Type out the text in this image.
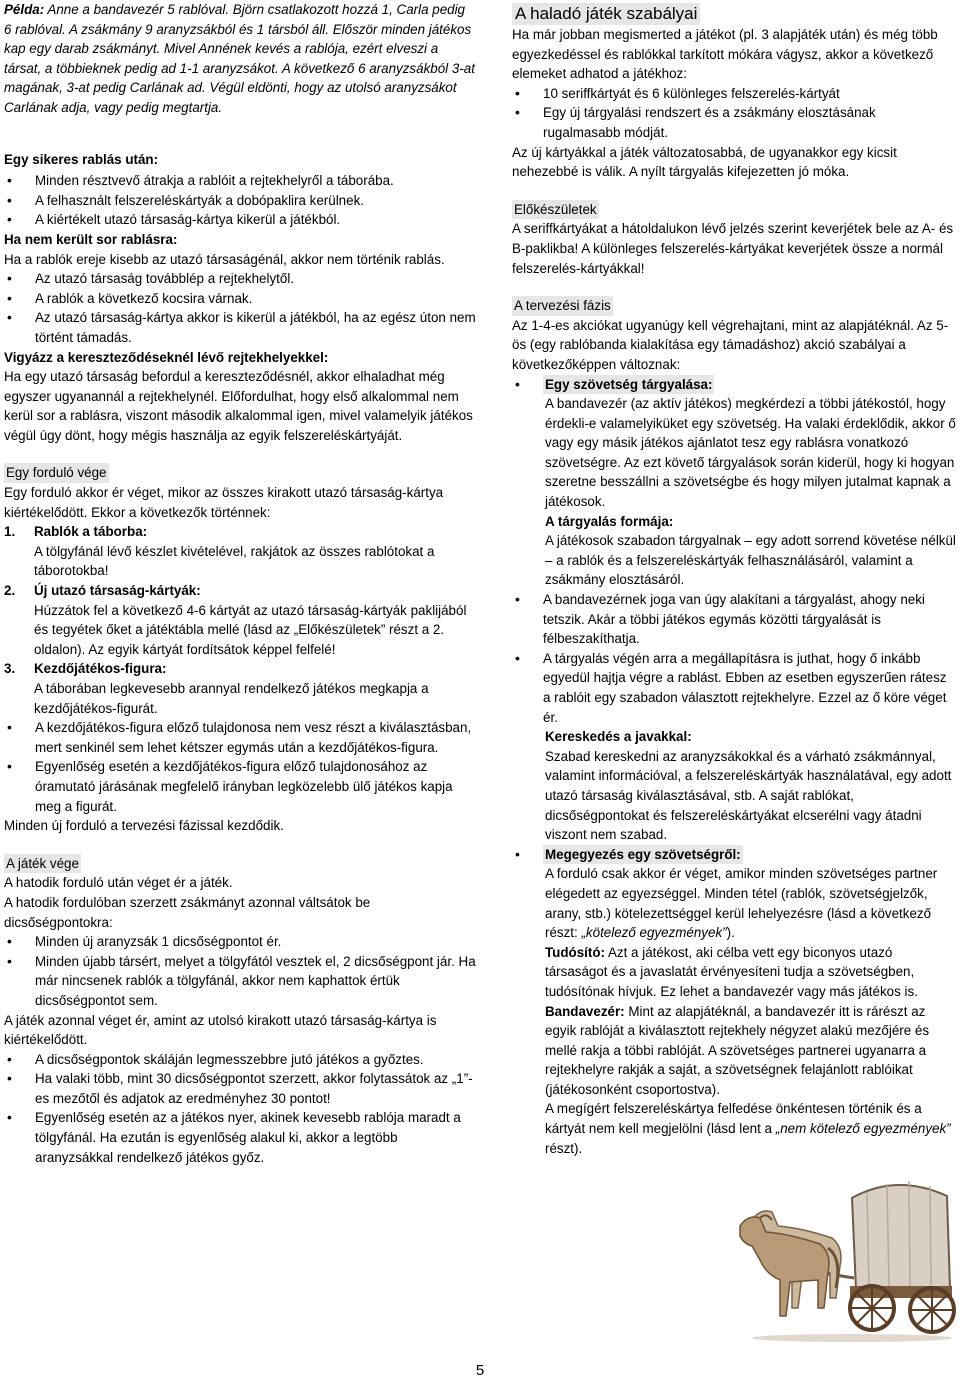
Példa: Anne a bandavezér 5 rablóval. Björn csatlakozott hozzá 1, Carla pedig 6 rablóval. A zsákmány 9 aranyzsákból és 1 társból áll. Először minden játékos kap egy darab zsákmányt. Mivel Annének kevés a rablója, ezért elveszi a társat, a többieknek pedig ad 1-1 aranyzsákot. A következő 6 aranyzsákból 3-at magának, 3-at pedig Carlának ad. Végül eldönti, hogy az utolsó aranyzsákot Carlának adja, vagy pedig megtartja.

Egy sikeres rablás után:

• Minden résztvevő átrakja a rablóit a rejtekhelyről a táborába.
• A felhasznált felszereléskártyák a dobópaklira kerülnek.
• A kiértékelt utazó társaság-kártya kikerül a játékból.

Ha nem került sor rablásra:

Ha a rablók ereje kisebb az utazó társaságénál, akkor nem történik rablás.

• Az utazó társaság továbblép a rejtekhelytől.
• A rablók a következő kocsira várnak.
• Az utazó társaság-kártya akkor is kikerül a játékból, ha az egész úton nem történt támadás.

Vigyázz a kereszteződéseknél lévő rejtekhelyekkel:

Ha egy utazó társaság befordul a kereszteződésnél, akkor elhaladhat még egyszer ugyanannál a rejtekhelynél. Előfordulhat, hogy első alkalommal nem kerül sor a rablásra, viszont második alkalommal igen, mivel valamelyik játékos végül úgy dönt, hogy mégis használja az egyik felszereléskártyáját.

Egy forduló vége

Egy forduló akkor ér véget, mikor az összes kirakott utazó társaság-kártya kiértékelődött. Ekkor a következők történnek:

1. Rablók a táborba:

A tölgyfánál lévő készlet kivételével, rakjátok az összes rablótokat a táborotokba!

2. Új utazó társaság-kártyák:

Húzzátok fel a következő 4-6 kártyát az utazó társaság-kártyák paklijából és tegyétek őket a játéktábla mellé (lásd az „Előkészületek” részt a 2. oldalon). Az egyik kártyát fordítsátok képpel felfelé!

3. Kezdőjátékos-figura:

A táborában legkevesebb arannyal rendelkező játékos megkapja a kezdőjátékos-figurát.

• A kezdőjátékos-figura előző tulajdonosa nem vesz részt a kiválasztásban, mert senkinél sem lehet kétszer egymás után a kezdőjátékos-figura.
• Egyenlőség esetén a kezdőjátékos-figura előző tulajdonosához az óramutató járásának megfelelő irányban legközelebb ülő játékos kapja meg a figurát.

Minden új forduló a tervezési fázissal kezdődik.

A játék vége

A hatodik forduló után véget ér a játék.

A hatodik fordulóban szerzett zsákmányt azonnal váltsátok be dicsőségpontokra:

• Minden új aranyzsák 1 dicsőségpontot ér.
• Minden újabb társért, melyet a tölgyfától vesztek el, 2 dicsőségpont jár. Ha már nincsenek rablók a tölgyfánál, akkor nem kaphattok értük dicsőségpontot sem.

A játék azonnal véget ér, amint az utolsó kirakott utazó társaság-kártya is kiértékelődött.

• A dicsőségpontok skáláján legmesszebbre jutó játékos a győztes.
• Ha valaki több, mint 30 dicsőségpontot szerzett, akkor folytassátok az „1”-es mezőtől és adjatok az eredményhez 30 pontot!
• Egyenlőség esetén az a játékos nyer, akinek kevesebb rablója maradt a tölgyfánál. Ha ezután is egyenlőség alakul ki, akkor a legtöbb aranyzsákkal rendelkező játékos győz.

A haladó játék szabályai

Ha már jobban megismerted a játékot (pl. 3 alapjáték után) és még több egyezkedéssel és rablókkal tarkított mókára vágysz, akkor a következő elemeket adhatod a játékhoz:

• 10 seriffkártyát és 6 különleges felszerelés-kártyát
• Egy új tárgyalási rendszert és a zsákmány elosztásának rugalmasabb módját.

Az új kártyákkal a játék változatosabbá, de ugyanakkor egy kicsit nehezebbé is válik. A nyílt tárgyalás kifejezetten jó móka.

Előkészületek

A seriffkártyákat a hátoldalukon lévő jelzés szerint keverjétek bele az A- és B-paklikba! A különleges felszerelés-kártyákat keverjétek össze a normál felszerelés-kártyákkal!

A tervezési fázis

Az 1-4-es akciókat ugyanúgy kell végrehajtani, mint az alapjátéknál. Az 5-ös (egy rablóbanda kialakítása egy támadáshoz) akció szabályai a következőképpen változnak:

• Egy szövetség tárgyalása:

A bandavezér (az aktív játékos) megkérdezi a többi játékostól, hogy érdekli-e valamelyiküket egy szövetség. Ha valaki érdeklődik, akkor ő vagy egy másik játékos ajánlatot tesz egy rablásra vonatkozó szövetségre. Az ezt követő tárgyalások során kiderül, hogy ki hogyan szeretne besszállni a szövetségbe és hogy milyen jutalmat kapnak a játékosok.

A tárgyalás formája:

A játékosok szabadon tárgyalnak – egy adott sorrend követése nélkül – a rablók és a felszereléskártyák felhasználásáról, valamint a zsákmány elosztásáról.

• A bandavezérnek joga van úgy alakítani a tárgyalást, ahogy neki tetszik. Akár a többi játékos egymás közötti tárgyalását is félbeszakíthatja.
• A tárgyalás végén arra a megállapításra is juthat, hogy ő inkább egyedül hajtja végre a rablást. Ebben az esetben egyszerűen rátesz a rablóit egy szabadon választott rejtekhelyre. Ezzel az ő köre véget ér.

Kereskedés a javakkal:

Szabad kereskedni az aranyzsákokkal és a várható zsákmánnyal, valamint információval, a felszereléskártyák használatával, egy adott utazó társaság kiválasztásával, stb. A saját rablókat, dicsőségpontokat és felszereléskártyákat elcserélni vagy átadni viszont nem szabad.

• Megegyezés egy szövetségről:

A forduló csak akkor ér véget, amikor minden szövetséges partner elégedett az egyezséggel. Minden tétel (rablók, szövetségjelzők, arany, stb.) kötelezettséggel kerül lehelyezésre (lásd a következő részt: „kötelező egyezmények”).

Tudósító: Azt a játékost, aki célba vett egy biconyos utazó társaságot és a javaslatát érvényesíteni tudja a szövetségben, tudósítónak hívjuk. Ez lehet a bandavezér vagy más játékos is.

Bandavezér: Mint az alapjátéknál, a bandavezér itt is rárészt az egyik rablóját a kiválasztott rejtekhely négyzet alakú mezőjére és mellé rakja a többi rablóját. A szövetséges partnerei ugyanarra a rejtekhelyre rakják a saját, a szövetségnek felajánlott rablóikat (játékosonként csoportostva).

A megígért felszereléskártya felfedése önkéntesen történik és a kártyát nem kell megjelölni (lásd lent a „nem kötelező egyezmények” részt).

5
